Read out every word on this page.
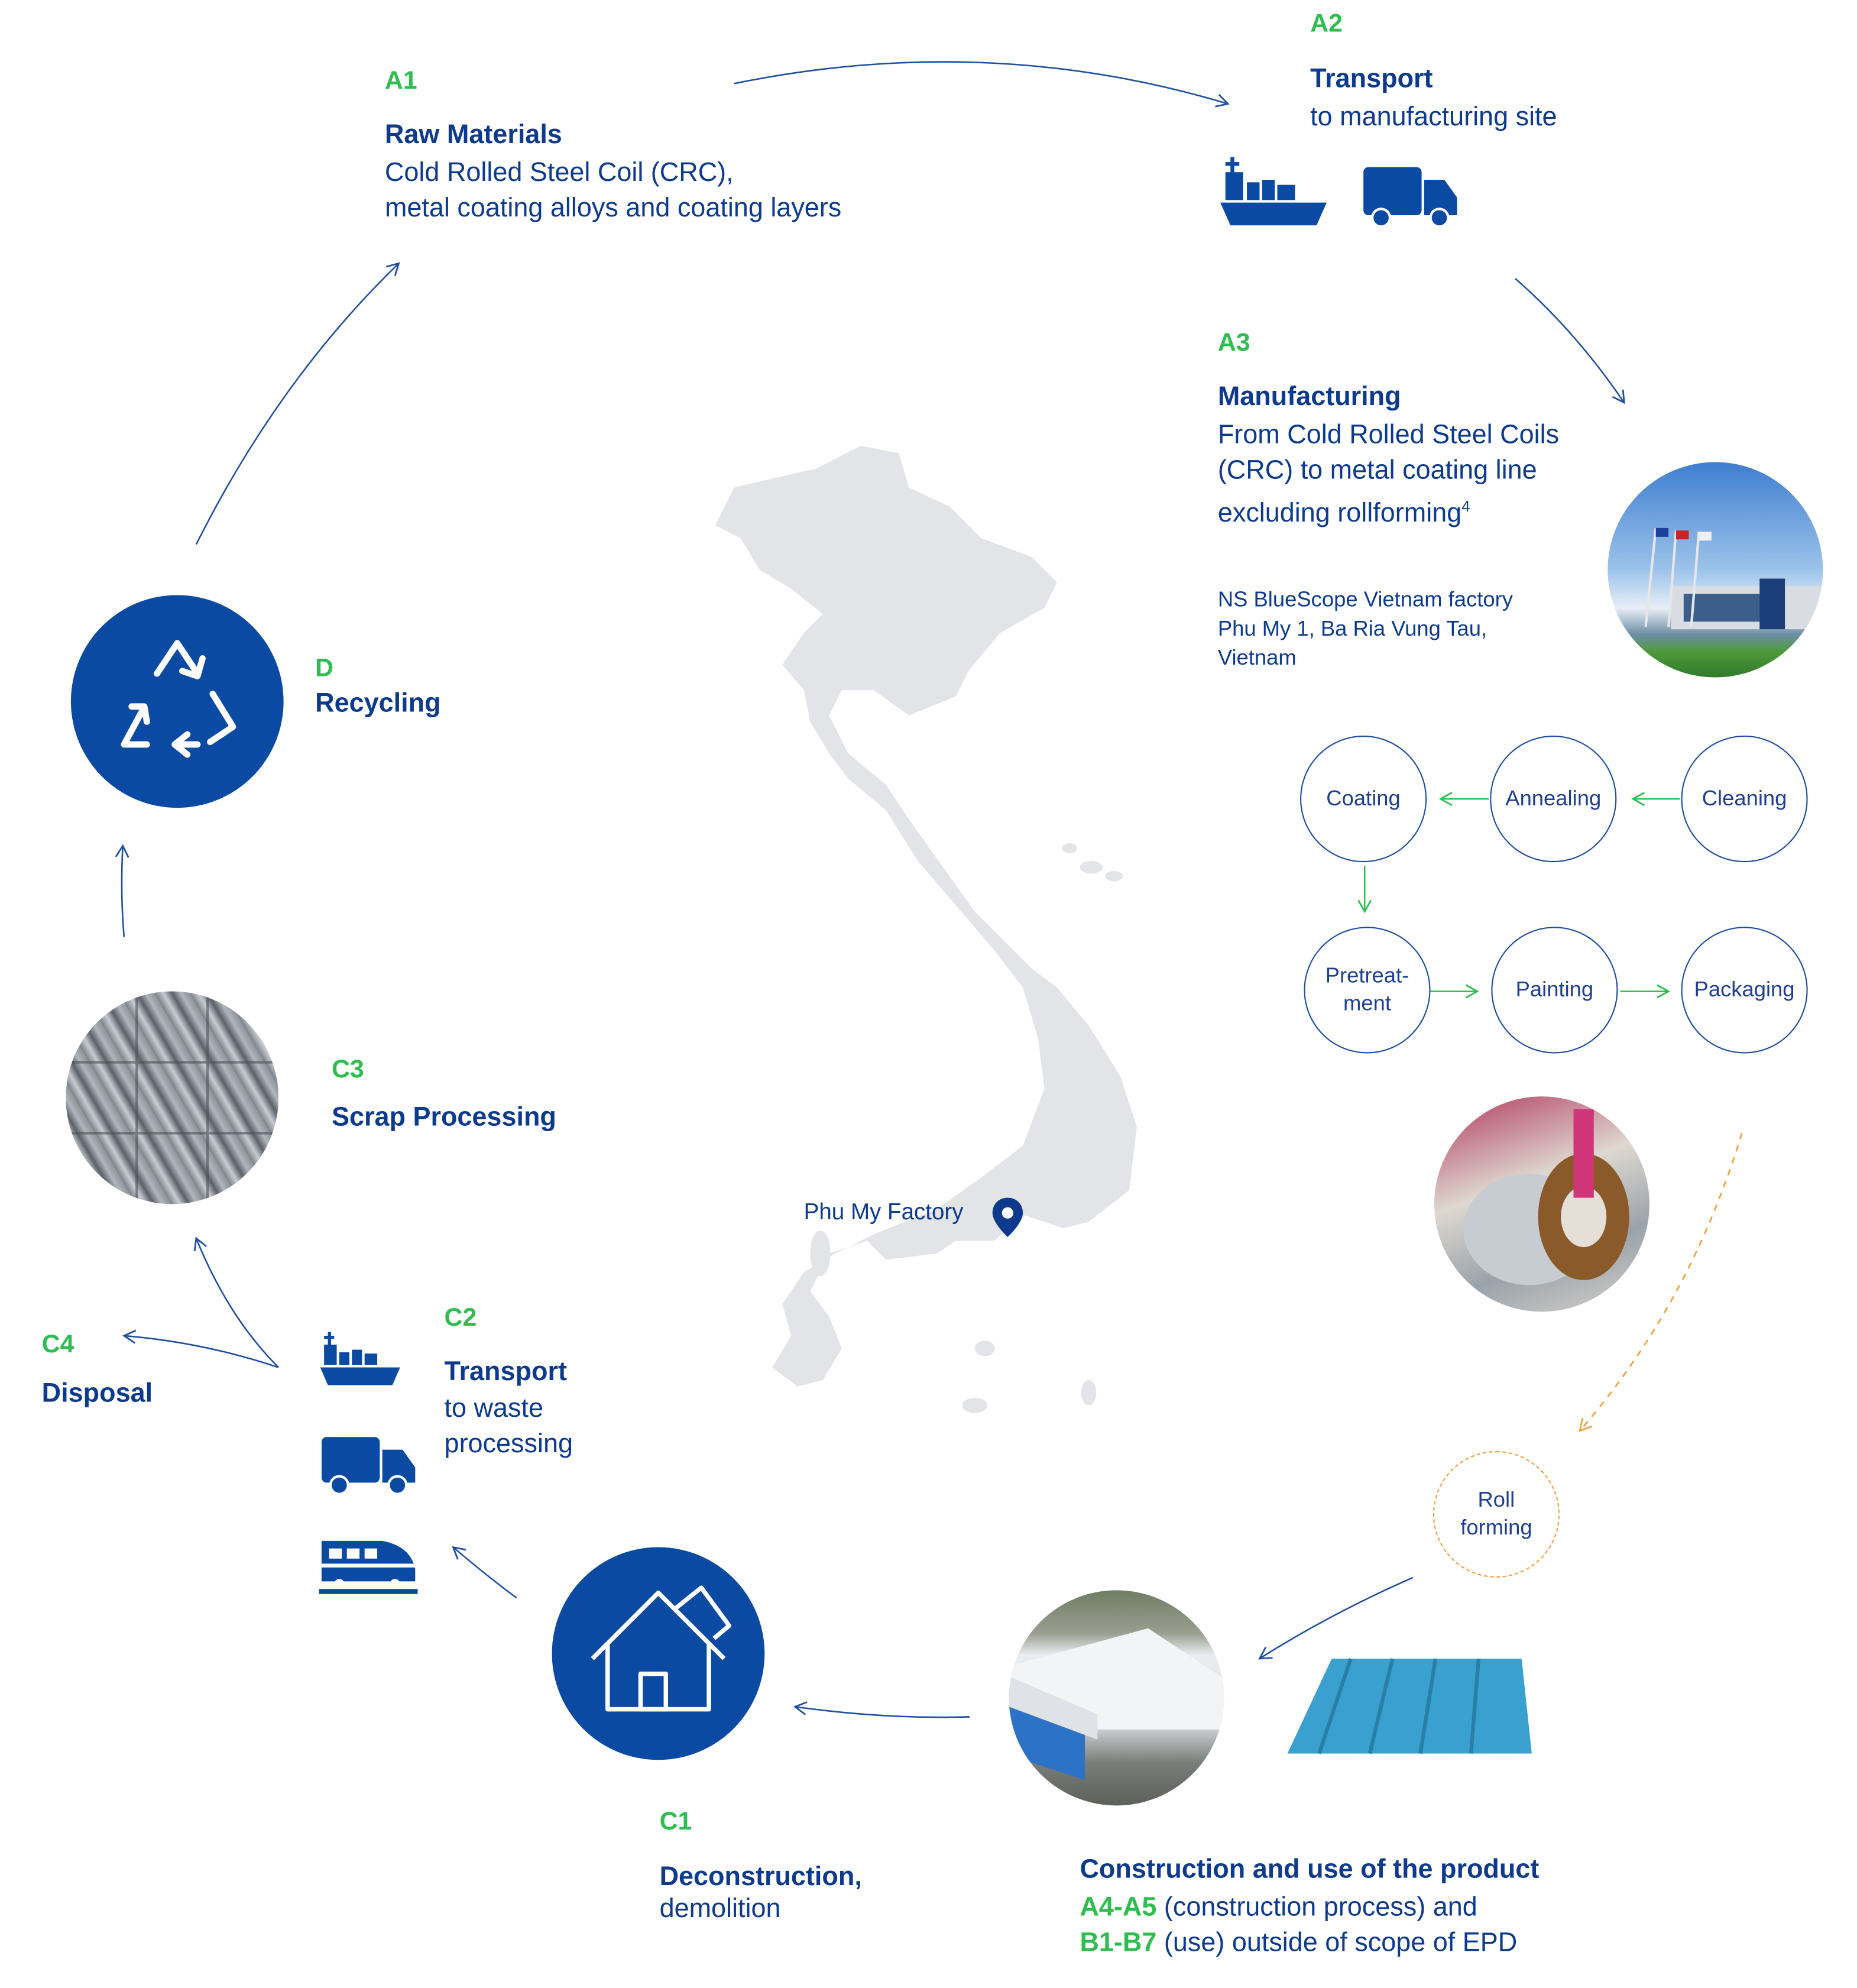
Phu My Factory
A1
Raw Materials
Cold Rolled Steel Coil (CRC),
metal coating alloys and coating layers
A2
Transport
to manufacturing site
A3
Manufacturing
From Cold Rolled Steel Coils
(CRC) to metal coating line
excluding rollforming$^4$
NS BlueScope Vietnam factory
Phu My 1, Ba Ria Vung Tau,
Vietnam
Coating	Annealing	Cleaning
Pretreat-
ment
Painting	Packaging
Roll
forming
Construction and use of the product
A4-A5 (construction process) and
B1-B7 (use) outside of scope of EPD
C1
Deconstruction,
demolition
C2
Transport
to waste
processing
C3
Scrap Processing
C4
Disposal
D
Recycling
